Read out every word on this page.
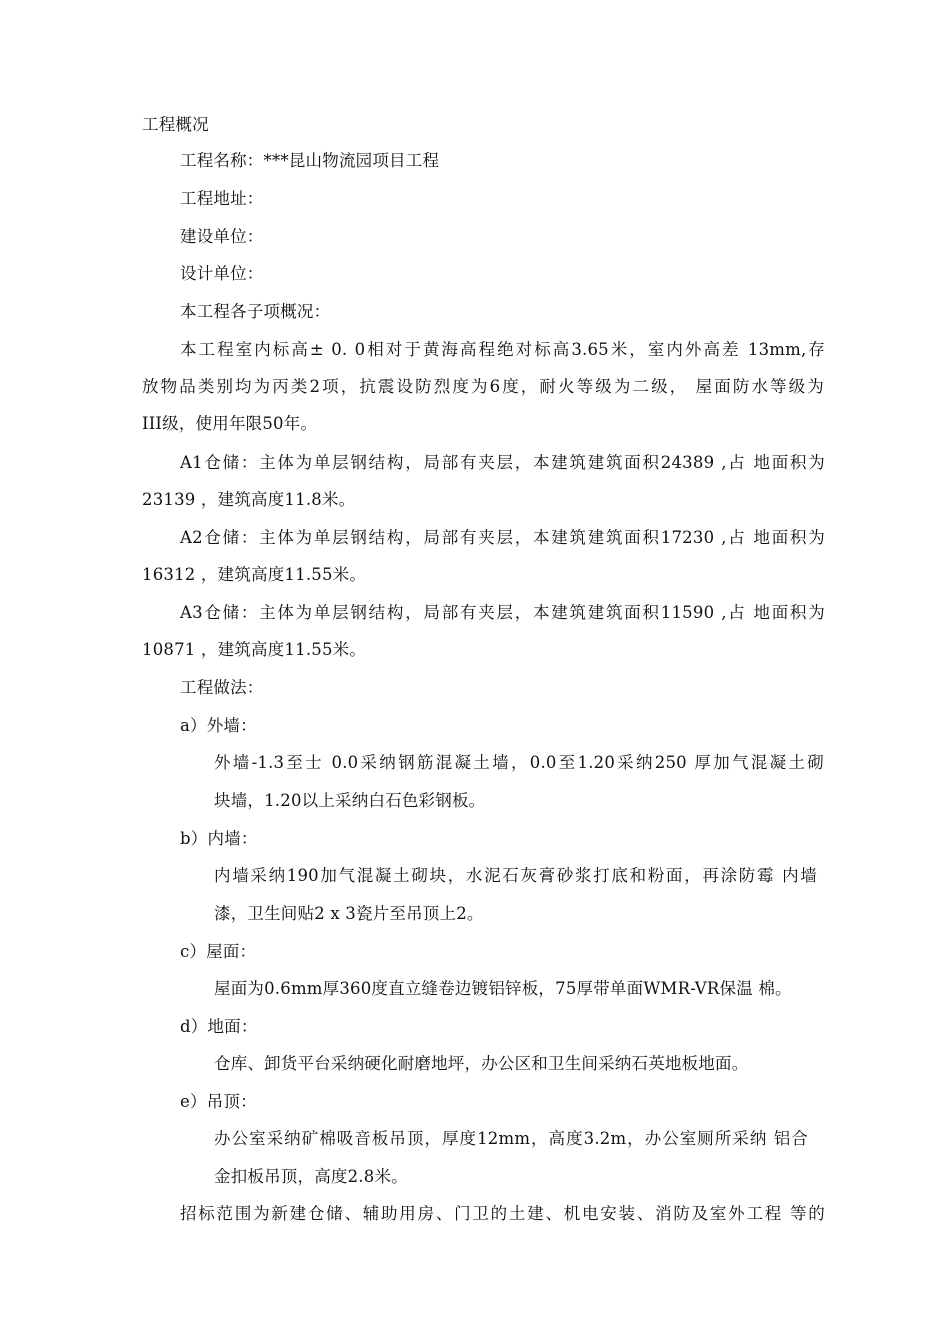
工程概况
工程名称：***昆山物流园项目工程
工程地址：
建设单位：
设计单位：
本工程各子项概况：
本工程室内标高± 0. 0相对于黄海高程绝对标高3.65米，室内外高差 13mm,存
放物品类别均为丙类2项，抗震设防烈度为6度，耐火等级为二级， 屋面防水等级为
III级，使用年限50年。
A1仓储：主体为单层钢结构，局部有夹层，本建筑建筑面积24389 ,占 地面积为
23139 ，建筑高度11.8米。
A2仓储：主体为单层钢结构，局部有夹层，本建筑建筑面积17230 ,占 地面积为
16312 ，建筑高度11.55米。
A3仓储：主体为单层钢结构，局部有夹层，本建筑建筑面积11590 ,占 地面积为
10871 ，建筑高度11.55米。
工程做法：
a）外墙：
外墙-1.3至士 0.0采纳钢筋混凝土墙，0.0至1.20采纳250 厚加气混凝土砌
块墙，1.20以上采纳白石色彩钢板。
b）内墙：
内墙采纳190加气混凝土砌块，水泥石灰膏砂浆打底和粉面，再涂防霉 内墙
漆，卫生间贴2 x 3瓷片至吊顶上2。
c）屋面：
屋面为0.6mm厚360度直立缝卷边镀铝锌板，75厚带单面WMR-VR保温 棉。
d）地面：
仓库、卸货平台采纳硬化耐磨地坪，办公区和卫生间采纳石英地板地面。
e）吊顶：
办公室采纳矿棉吸音板吊顶，厚度12mm，高度3.2m，办公室厕所采纳 铝合
金扣板吊顶，高度2.8米。
招标范围为新建仓储、辅助用房、门卫的土建、机电安装、消防及室外工程 等的
